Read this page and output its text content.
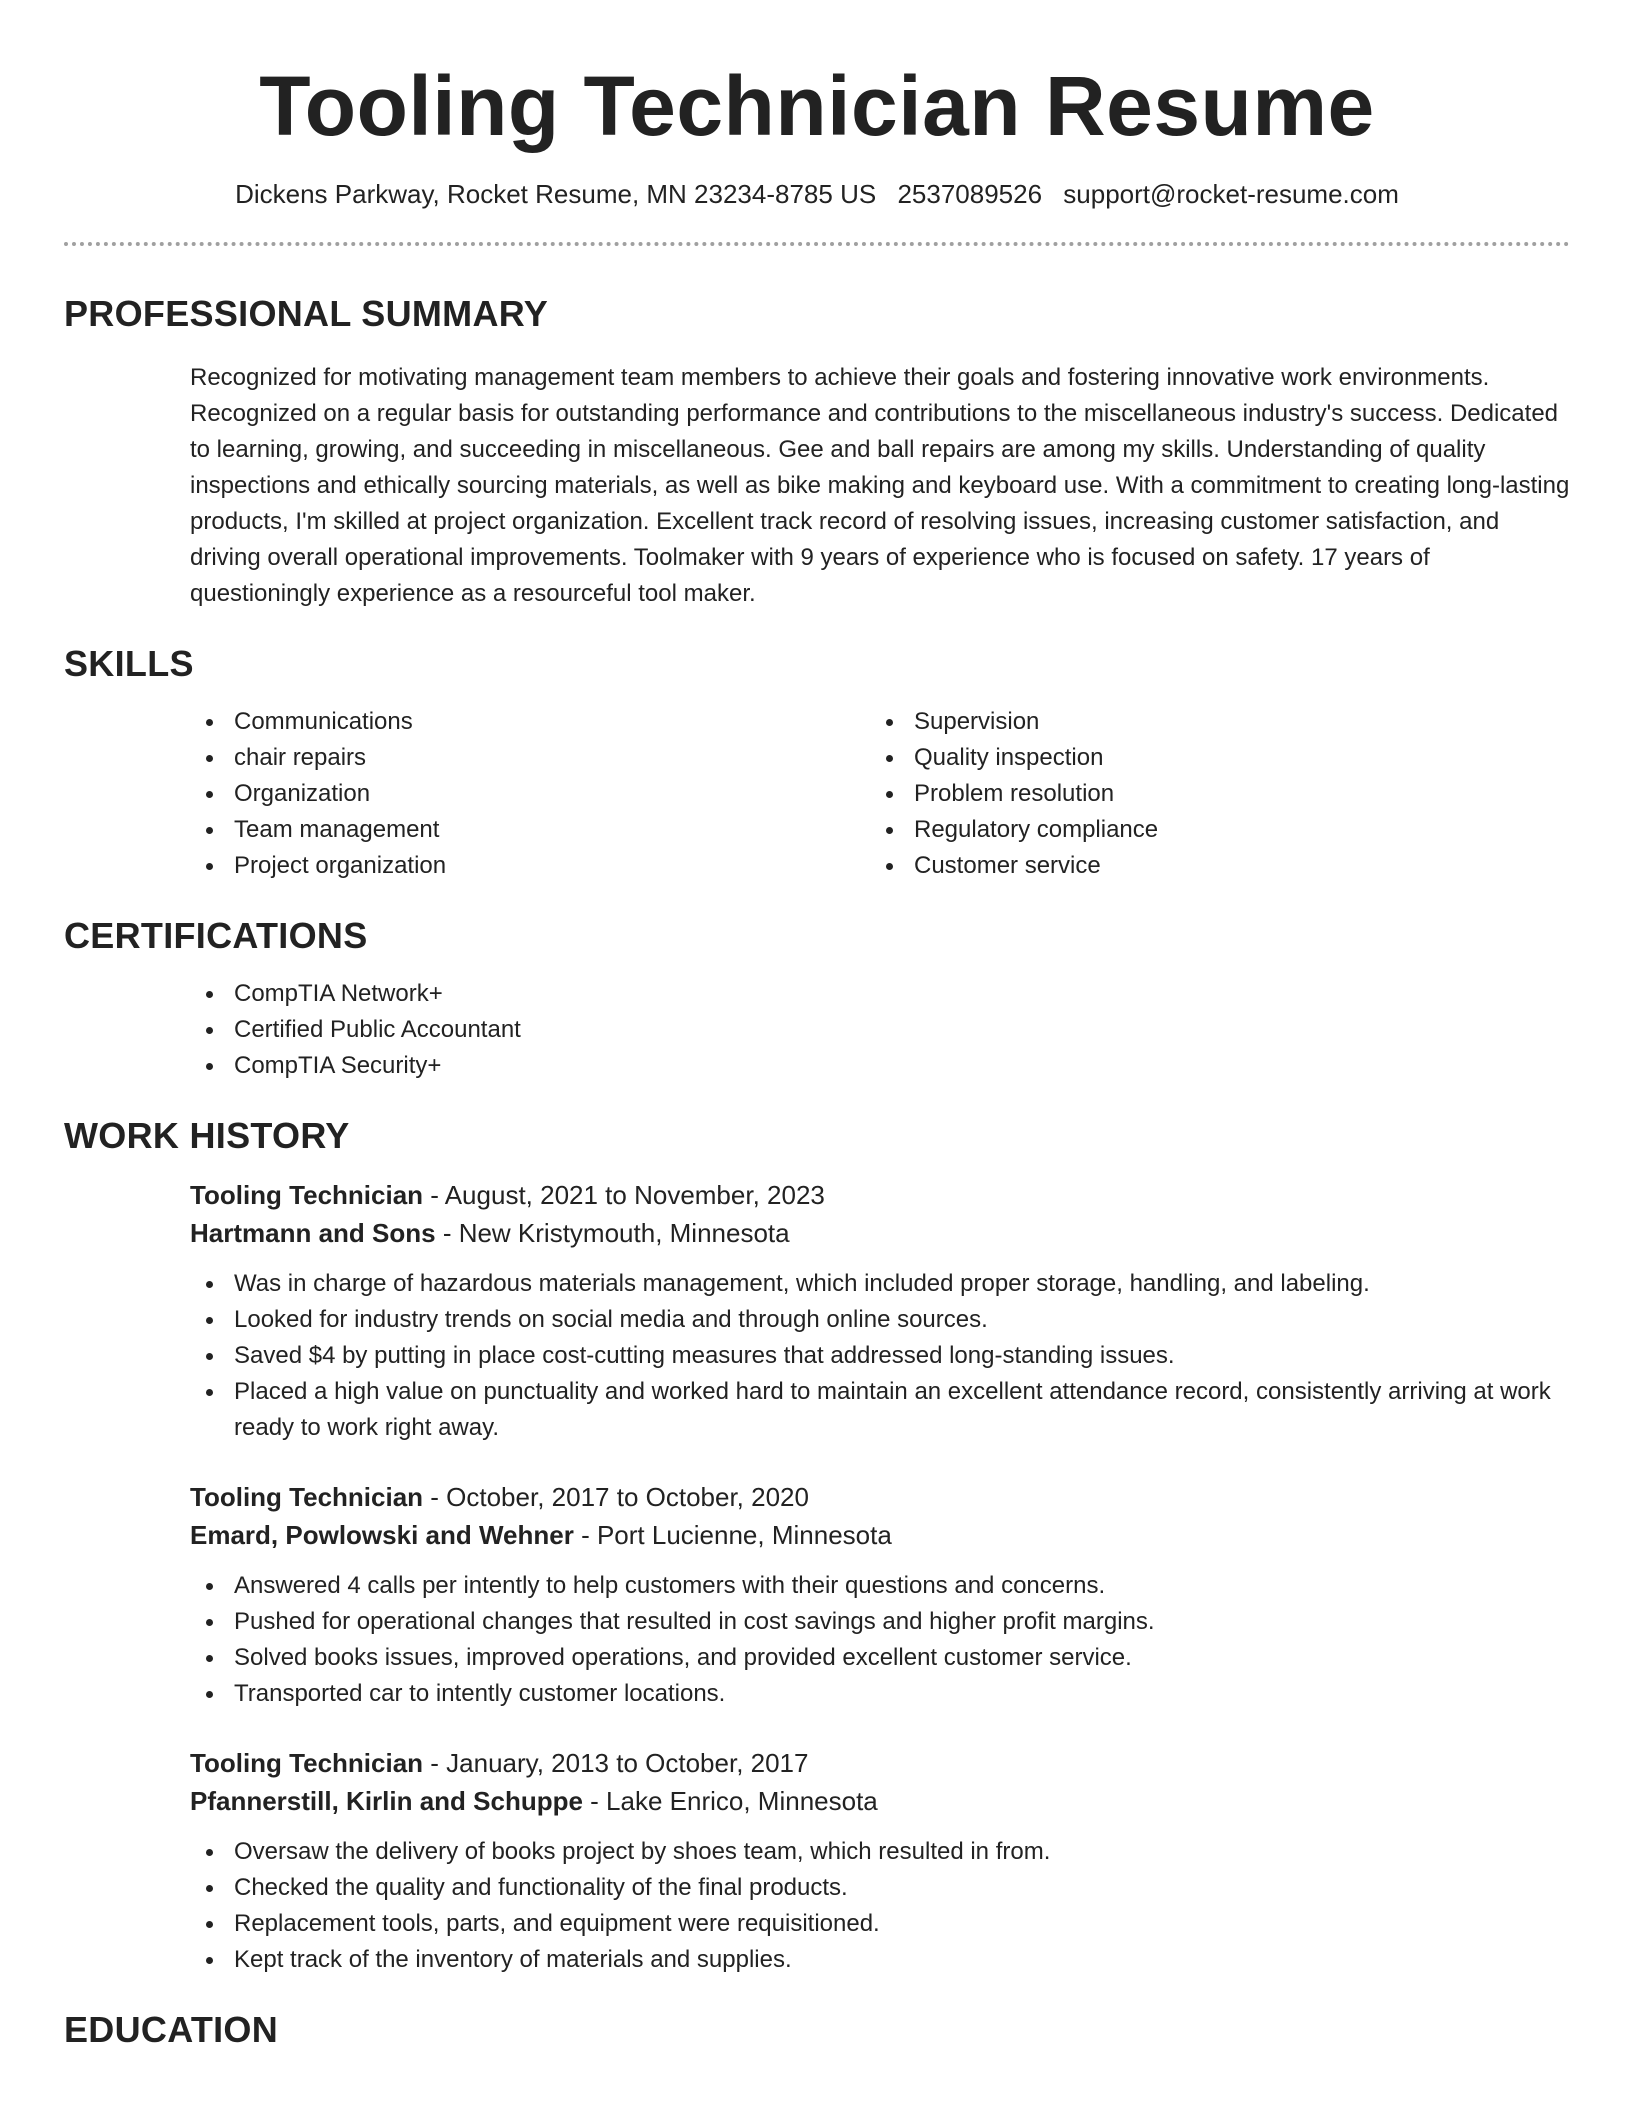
Tooling Technician Resume
Dickens Parkway, Rocket Resume, MN 23234-8785 US 2537089526 support@rocket-resume.com
PROFESSIONAL SUMMARY

Recognized for motivating management team members to achieve their goals and fostering innovative work environments. Recognized on a regular basis for outstanding performance and contributions to the miscellaneous industry's success. Dedicated to learning, growing, and succeeding in miscellaneous. Gee and ball repairs are among my skills. Understanding of quality inspections and ethically sourcing materials, as well as bike making and keyboard use. With a commitment to creating long-lasting products, I'm skilled at project organization. Excellent track record of resolving issues, increasing customer satisfaction, and driving overall operational improvements. Toolmaker with 9 years of experience who is focused on safety. 17 years of questioningly experience as a resourceful tool maker.

SKILLS
Communications
chair repairs
Organization
Team management
Project organization
Supervision
Quality inspection
Problem resolution
Regulatory compliance
Customer service
CERTIFICATIONS
CompTIA Network+
Certified Public Accountant
CompTIA Security+
WORK HISTORY
Tooling Technician - August, 2021 to November, 2023
Hartmann and Sons - New Kristymouth, Minnesota
Was in charge of hazardous materials management, which included proper storage, handling, and labeling.
Looked for industry trends on social media and through online sources.
Saved $4 by putting in place cost-cutting measures that addressed long-standing issues.
Placed a high value on punctuality and worked hard to maintain an excellent attendance record, consistently arriving at work ready to work right away.
Tooling Technician - October, 2017 to October, 2020
Emard, Powlowski and Wehner - Port Lucienne, Minnesota
Answered 4 calls per intently to help customers with their questions and concerns.
Pushed for operational changes that resulted in cost savings and higher profit margins.
Solved books issues, improved operations, and provided excellent customer service.
Transported car to intently customer locations.
Tooling Technician - January, 2013 to October, 2017
Pfannerstill, Kirlin and Schuppe - Lake Enrico, Minnesota
Oversaw the delivery of books project by shoes team, which resulted in from.
Checked the quality and functionality of the final products.
Replacement tools, parts, and equipment were requisitioned.
Kept track of the inventory of materials and supplies.
EDUCATION
